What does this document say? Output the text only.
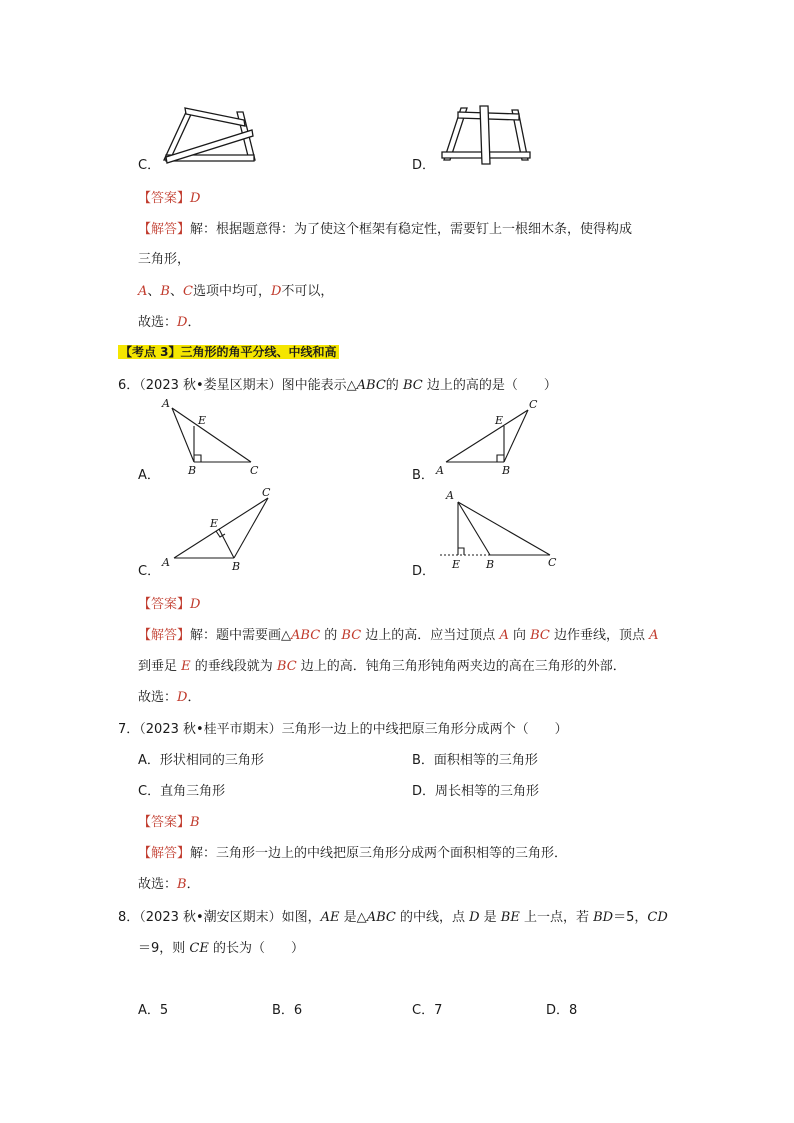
C．	D．
【答案】D
【解答】解：根据题意得：为了使这个框架有稳定性，需要钉上一根细木条，使得构成
三角形，
A、B、C选项中均可，D不可以，
故选：D．
【考点 3】三角形的角平分线、中线和高
6．（2023 秋•娄星区期末）图中能表示△ABC的 BC 边上的高的是（　　）
A．
A
E
B	C	B． A
E
B
C
C．
A
E
B
C
D．
A
E B	C
【答案】D
【解答】解：题中需要画△ABC 的 BC 边上的高．应当过顶点 A 向 BC 边作垂线，顶点 A
到垂足 E 的垂线段就为 BC 边上的高．钝角三角形钝角两夹边的高在三角形的外部．
故选：D．
7．（2023 秋•桂平市期末）三角形一边上的中线把原三角形分成两个（　　）
A．形状相同的三角形	B．面积相等的三角形
C．直角三角形	D．周长相等的三角形
【答案】B
【解答】解：三角形一边上的中线把原三角形分成两个面积相等的三角形．
故选：B．
8．（2023 秋•潮安区期末）如图，AE 是△ABC 的中线，点 D 是 BE 上一点，若 BD＝5，CD
＝9，则 CE 的长为（　　）
A．5	B．6	C．7	D．8
